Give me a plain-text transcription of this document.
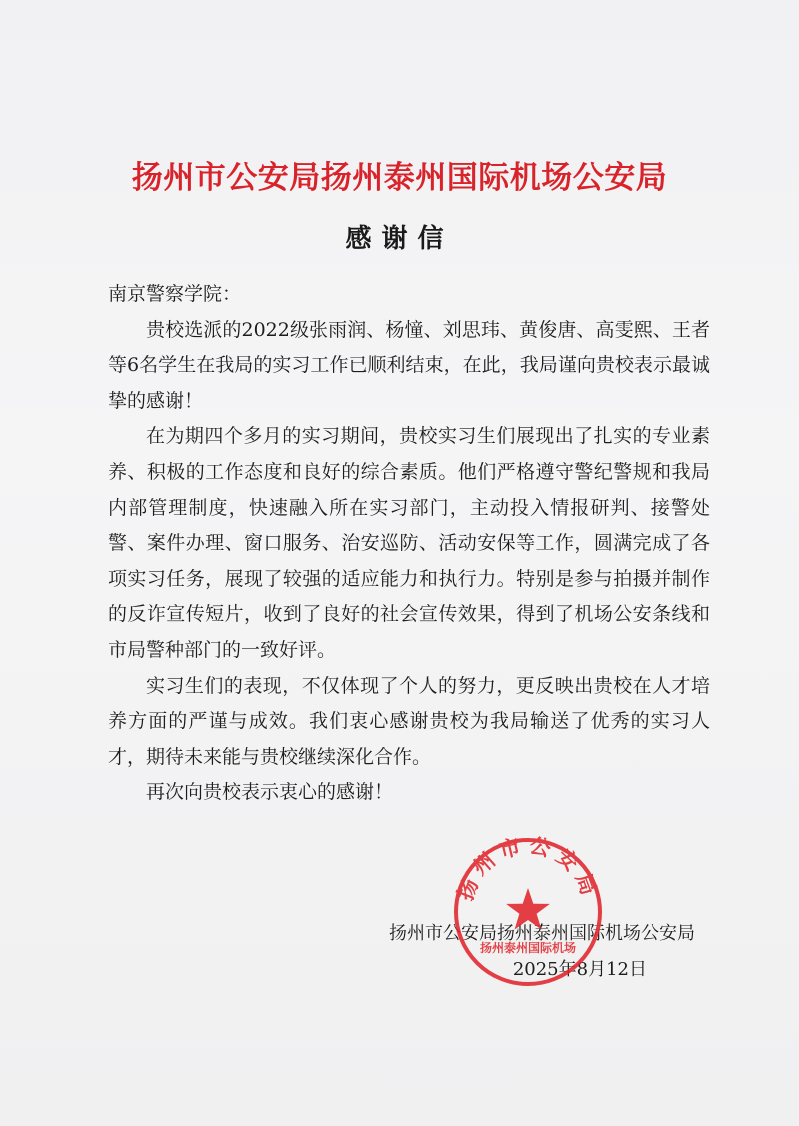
扬州市公安局扬州泰州国际机场公安局
感谢信

南京警察学院：

贵校选派的2022级张雨润、杨憧、刘思玮、黄俊唐、高雯熙、王者等6名学生在我局的实习工作已顺利结束，在此，我局谨向贵校表示最诚挚的感谢！

在为期四个多月的实习期间，贵校实习生们展现出了扎实的专业素养、积极的工作态度和良好的综合素质。他们严格遵守警纪警规和我局内部管理制度，快速融入所在实习部门，主动投入情报研判、接警处警、案件办理、窗口服务、治安巡防、活动安保等工作，圆满完成了各项实习任务，展现了较强的适应能力和执行力。特别是参与拍摄并制作的反诈宣传短片，收到了良好的社会宣传效果，得到了机场公安条线和市局警种部门的一致好评。

实习生们的表现，不仅体现了个人的努力，更反映出贵校在人才培养方面的严谨与成效。我们衷心感谢贵校为我局输送了优秀的实习人才，期待未来能与贵校继续深化合作。

再次向贵校表示衷心的感谢！

扬州市公安局扬州泰州国际机场公安局
2025年8月12日
扬州市公安局
扬州泰州国际机场
